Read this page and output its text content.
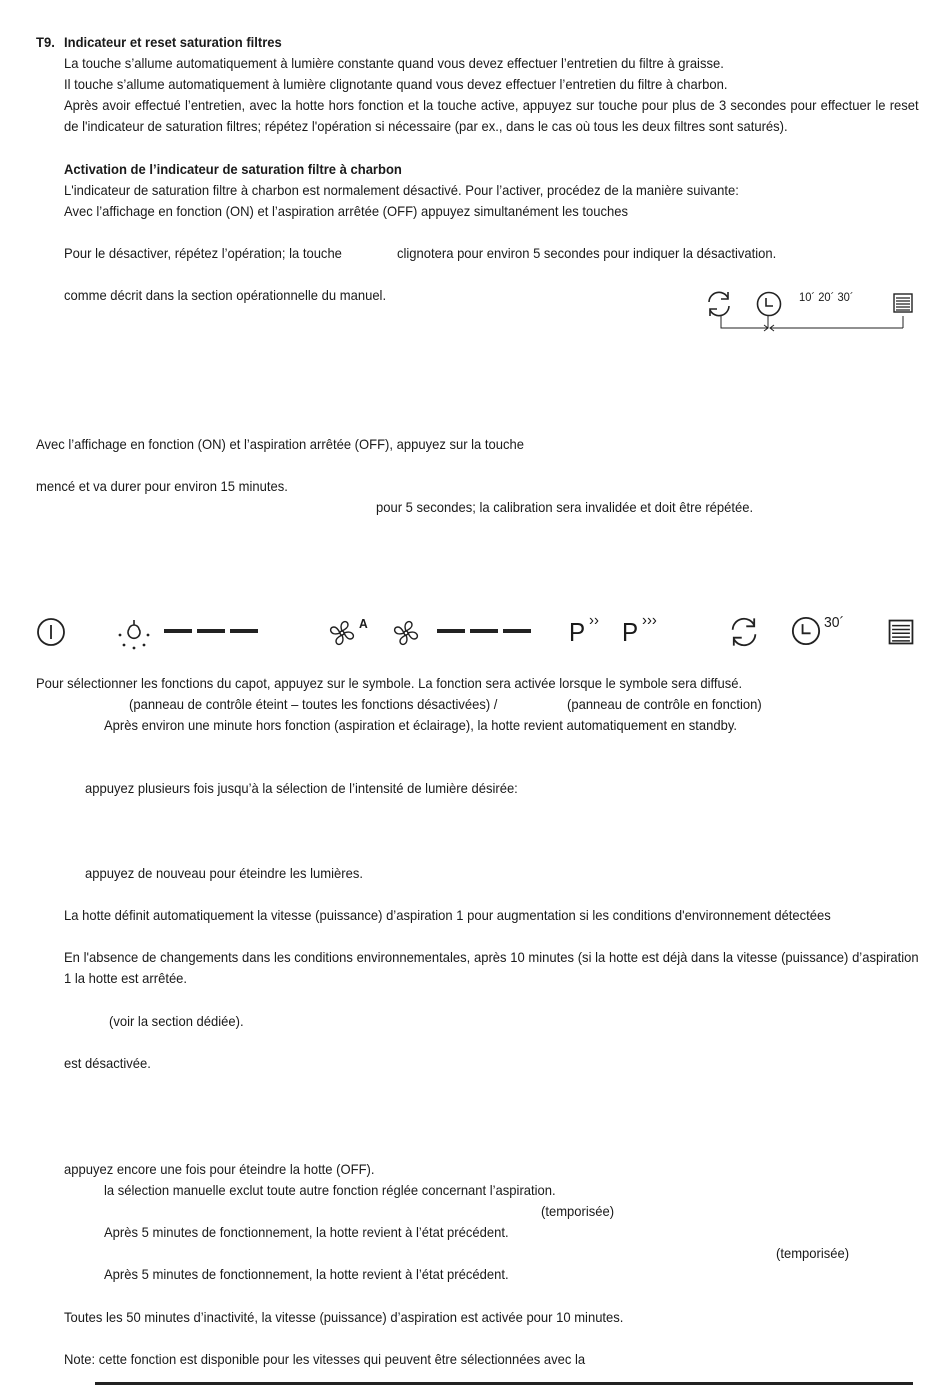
T9. Indicateur et reset saturation filtres
La touche s’allume automatiquement à lumière constante quand vous devez effectuer l’entretien du filtre à graisse.
Il touche s’allume automatiquement à lumière clignotante quand vous devez effectuer l’entretien du filtre à charbon.
Après avoir effectué l’entretien, avec la hotte hors fonction et la touche active, appuyez sur touche pour plus de 3 secondes pour effectuer le reset de l'indicateur de saturation filtres; répétez l'opération si nécessaire (par ex., dans le cas où tous les deux filtres sont saturés).
Activation de l’indicateur de saturation filtre à charbon
L'indicateur de saturation filtre à charbon est normalement désactivé. Pour l’activer, procédez de la manière suivante:
Avec l’affichage en fonction (ON) et l’aspiration arrêtée (OFF) appuyez simultanément les touches
Pour le désactiver, répétez l’opération; la touche	clignotera pour environ 5 secondes pour indiquer la désactivation.
comme décrit dans la section opérationnelle du manuel.	10´ 20´ 30´
Avec l’affichage en fonction (ON) et l’aspiration arrêtée (OFF), appuyez sur la touche
mencé et va durer pour environ 15 minutes.
pour 5 secondes; la calibration sera invalidée et doit être répétée.
A	P ›› P ›››	30´
Pour sélectionner les fonctions du capot, appuyez sur le symbole. La fonction sera activée lorsque le symbole sera diffusé.
(panneau de contrôle éteint – toutes les fonctions désactivées) /	(panneau de contrôle en fonction)
Après environ une minute hors fonction (aspiration et éclairage), la hotte revient automatiquement en standby.
appuyez plusieurs fois jusqu’à la sélection de l’intensité de lumière désirée:
appuyez de nouveau pour éteindre les lumières.
La hotte définit automatiquement la vitesse (puissance) d’aspiration 1 pour augmentation si les conditions d'environnement détectées
En l'absence de changements dans les conditions environnementales, après 10 minutes (si la hotte est déjà dans la vitesse (puissance) d’aspiration 1 la hotte est arrêtée.
(voir la section dédiée).
est désactivée.
appuyez encore une fois pour éteindre la hotte (OFF).
la sélection manuelle exclut toute autre fonction réglée concernant l’aspiration.
(temporisée)
Après 5 minutes de fonctionnement, la hotte revient à l’état précédent.
(temporisée)
Après 5 minutes de fonctionnement, la hotte revient à l’état précédent.
Toutes les 50 minutes d’inactivité, la vitesse (puissance) d’aspiration est activée pour 10 minutes.
Note: cette fonction est disponible pour les vitesses qui peuvent être sélectionnées avec la
